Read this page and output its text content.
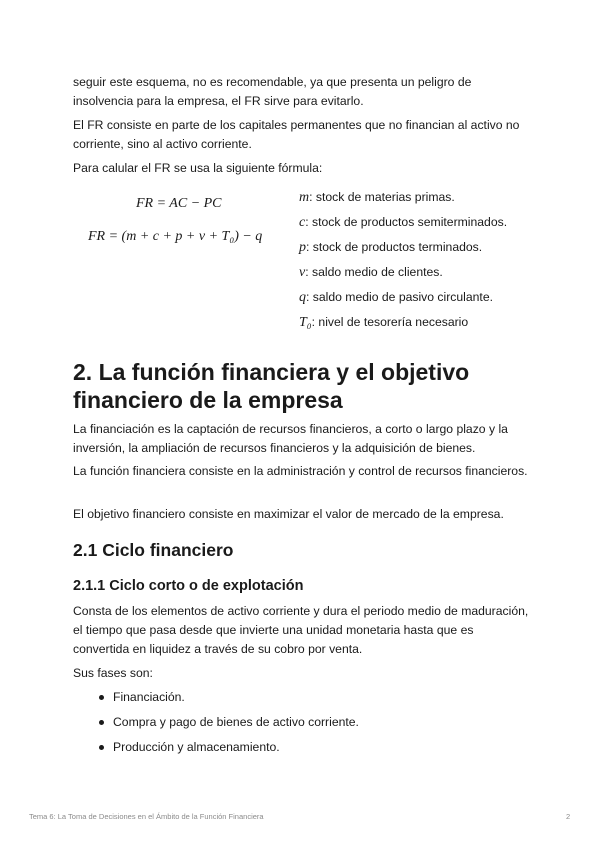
seguir este esquema, no es recomendable, ya que presenta un peligro de insolvencia para la empresa, el FR sirve para evitarlo.

El FR consiste en parte de los capitales permanentes que no financian al activo no corriente, sino al activo corriente.

Para calular el FR se usa la siguiente fórmula:

FR = AC − PC
FR = (m + c + p + v + T₀) − q
m: stock de materias primas.
c: stock de productos semiterminados.
p: stock de productos terminados.
v: saldo medio de clientes.
q: saldo medio de pasivo circulante.
T₀: nivel de tesorería necesario
2. La función financiera y el objetivo financiero de la empresa

La financiación es la captación de recursos financieros, a corto o largo plazo y la inversión, la ampliación de recursos financieros y la adquisición de bienes.

La función financiera consiste en la administración y control de recursos financieros.

El objetivo financiero consiste en maximizar el valor de mercado de la empresa.

2.1 Ciclo financiero
2.1.1 Ciclo corto o de explotación

Consta de los elementos de activo corriente y dura el periodo medio de maduración, el tiempo que pasa desde que invierte una unidad monetaria hasta que es convertida en liquidez a través de su cobro por venta.

Sus fases son:

Financiación.
Compra y pago de bienes de activo corriente.
Producción y almacenamiento.
Tema 6: La Toma de Decisiones en el Ámbito de la Función Financiera	2
